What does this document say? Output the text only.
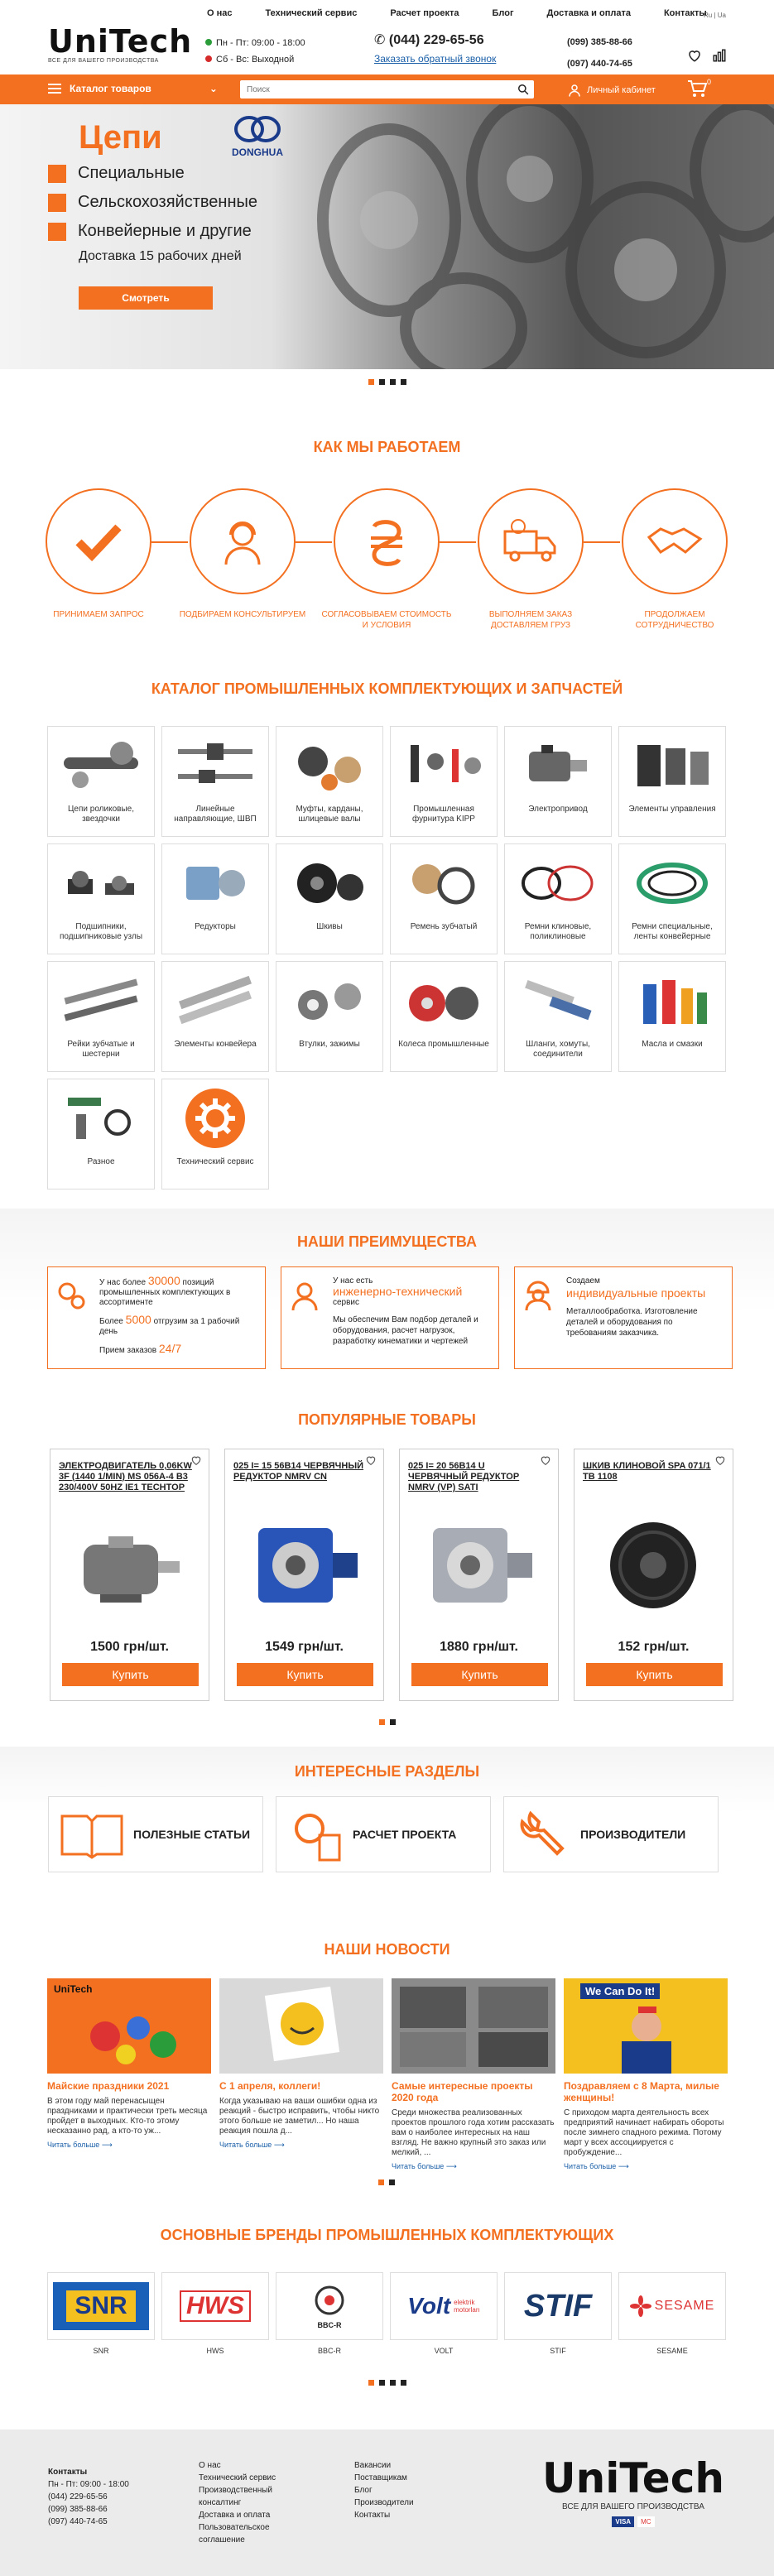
UniTech
ВСЕ ДЛЯ ВАШЕГО ПРОИЗВОДСТВА
О нас	Технический сервис	Расчет проекта	Блог	Доставка и оплата	Контакты
Ru | Ua
Пн - Пт: 09:00 - 18:00
Сб - Вс: Выходной
✆ (044) 229-65-56
Заказать обратный звонок
(099) 385-88-66
(097) 440-74-65
Каталог товаров	⌄
Поиск	Личный кабинет
0
Цепи	DONGHUA
Специальные
Сельскохозяйственные
Конвейерные и другие
Доставка 15 рабочих дней
Смотреть
КАК МЫ РАБОТАЕМ
ПРИНИМАЕМ ЗАПРОС	ПОДБИРАЕМ КОНСУЛЬТИРУЕМ	СОГЛАСОВЫВАЕМ СТОИМОСТЬ И УСЛОВИЯ
ВЫПОЛНЯЕМ ЗАКАЗ ДОСТАВЛЯЕМ ГРУЗ
ПРОДОЛЖАЕМ СОТРУДНИЧЕСТВО
КАТАЛОГ ПРОМЫШЛЕННЫХ КОМПЛЕКТУЮЩИХ И ЗАПЧАСТЕЙ
Цепи роликовые, звездочки
Линейные направляющие, ШВП
Муфты, карданы, шлицевые валы
Промышленная фурнитура KIPP
Электропривод	Элементы управления
Подшипники, подшипниковые узлы
Редукторы	Шкивы	Ремень зубчатый	Ремни клиновые, поликлиновые
Ремни специальные, ленты конвейерные
Рейки зубчатые и шестерни
Элементы конвейера	Втулки, зажимы	Колеса промышленные	Шланги, хомуты, соединители
Масла и смазки
Разное	Технический сервис
НАШИ ПРЕИМУЩЕСТВА
У нас более 30000 позиций промышленных комплектующих в ассортименте
Более 5000 отгрузим за 1 рабочий день
Прием заказов 24/7
У нас есть
инженерно-технический
сервис
Мы обеспечим Вам подбор деталей и оборудования, расчет нагрузок, разработку кинематики и чертежей
Создаем
индивидуальные проекты
Металлообработка. Изготовление деталей и оборудования по требованиям заказчика.
ПОПУЛЯРНЫЕ ТОВАРЫ
ЭЛЕКТРОДВИГАТЕЛЬ 0,06KW 3F (1440 1/MIN) MS 056A-4 B3 230/400V 50HZ IE1 TECHTOP
1500 грн/шт.
Купить
025 I= 15 56B14 ЧЕРВЯЧНЫЙ РЕДУКТОР NMRV CN
1549 грн/шт.
Купить
025 I= 20 56B14 U ЧЕРВЯЧНЫЙ РЕДУКТОР NMRV (VP) SATI
1880 грн/шт.
Купить
ШКИВ КЛИНОВОЙ SPA 071/1 TB 1108
152 грн/шт.
Купить
ИНТЕРЕСНЫЕ РАЗДЕЛЫ
ПОЛЕЗНЫЕ СТАТЬИ	РАСЧЕТ ПРОЕКТА	ПРОИЗВОДИТЕЛИ
НАШИ НОВОСТИ
UniTech
Майские праздники 2021
В этом году май перенасыщен праздниками и практически треть месяца пройдет в выходных. Кто-то этому несказанно рад, а кто-то уж...
Читать больше ⟶
С 1 апреля, коллеги!
Когда указываю на ваши ошибки одна из реакций - быстро исправить, чтобы никто этого больше не заметил... Но наша реакция пошла д...
Читать больше ⟶
Самые интересные проекты 2020 года
Среди множества реализованных проектов прошлого года хотим рассказать вам о наиболее интересных на наш взгляд. Не важно крупный это заказ или мелкий, ...
Читать больше ⟶
We Can Do It!
Поздравляем с 8 Марта, милые женщины!
С приходом марта деятельность всех предприятий начинает набирать обороты после зимнего спадного режима. Потому март у всех ассоциируется с пробуждение...
Читать больше ⟶
ОСНОВНЫЕ БРЕНДЫ ПРОМЫШЛЕННЫХ КОМПЛЕКТУЮЩИХ
SNR
SNR
HWS
HWS
BBC-R
BBC-R
Volt elektrik
motorları
VOLT
STIF
STIF
SESAME
SESAME
Контакты
Пн - Пт: 09:00 - 18:00
(044) 229-65-56
(099) 385-88-66
(097) 440-74-65
О нас
Технический сервис
Производственный консалтинг
Доставка и оплата
Пользовательское соглашение
Вакансии
Поставщикам
Блог
Производители
Контакты
UniTech
ВСЕ ДЛЯ ВАШЕГО ПРОИЗВОДСТВА
VISA	MC
